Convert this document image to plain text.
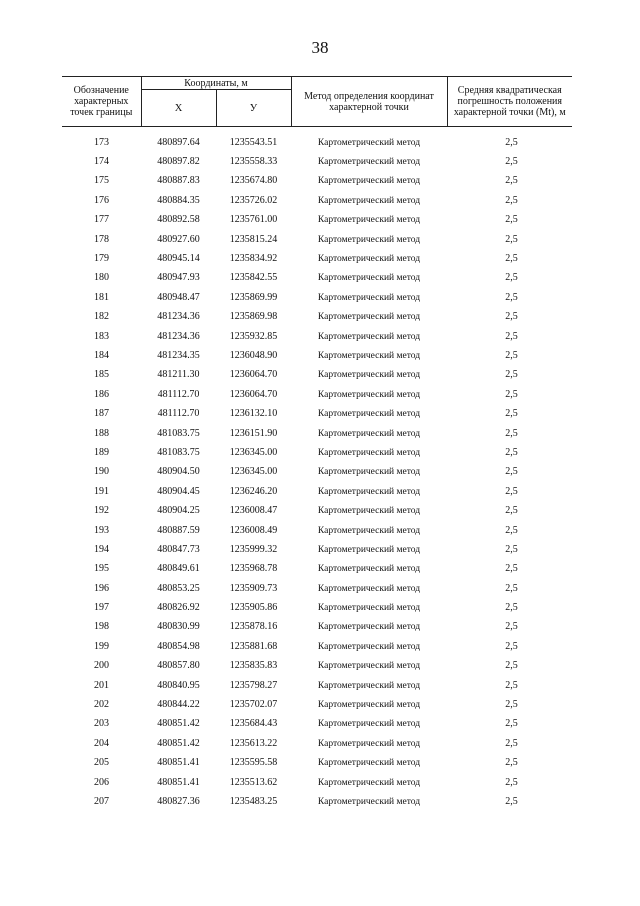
38
Обозначение характерных точек границы	Координаты, м		Метод определения координат характерной точки	Средняя квадратическая погрешность положения характерной точки (Mt), м
	X	У		

173	480897.64	1235543.51	Картометрический метод	2,5
174	480897.82	1235558.33	Картометрический метод	2,5
175	480887.83	1235674.80	Картометрический метод	2,5
176	480884.35	1235726.02	Картометрический метод	2,5
177	480892.58	1235761.00	Картометрический метод	2,5
178	480927.60	1235815.24	Картометрический метод	2,5
179	480945.14	1235834.92	Картометрический метод	2,5
180	480947.93	1235842.55	Картометрический метод	2,5
181	480948.47	1235869.99	Картометрический метод	2,5
182	481234.36	1235869.98	Картометрический метод	2,5
183	481234.36	1235932.85	Картометрический метод	2,5
184	481234.35	1236048.90	Картометрический метод	2,5
185	481211.30	1236064.70	Картометрический метод	2,5
186	481112.70	1236064.70	Картометрический метод	2,5
187	481112.70	1236132.10	Картометрический метод	2,5
188	481083.75	1236151.90	Картометрический метод	2,5
189	481083.75	1236345.00	Картометрический метод	2,5
190	480904.50	1236345.00	Картометрический метод	2,5
191	480904.45	1236246.20	Картометрический метод	2,5
192	480904.25	1236008.47	Картометрический метод	2,5
193	480887.59	1236008.49	Картометрический метод	2,5
194	480847.73	1235999.32	Картометрический метод	2,5
195	480849.61	1235968.78	Картометрический метод	2,5
196	480853.25	1235909.73	Картометрический метод	2,5
197	480826.92	1235905.86	Картометрический метод	2,5
198	480830.99	1235878.16	Картометрический метод	2,5
199	480854.98	1235881.68	Картометрический метод	2,5
200	480857.80	1235835.83	Картометрический метод	2,5
201	480840.95	1235798.27	Картометрический метод	2,5
202	480844.22	1235702.07	Картометрический метод	2,5
203	480851.42	1235684.43	Картометрический метод	2,5
204	480851.42	1235613.22	Картометрический метод	2,5
205	480851.41	1235595.58	Картометрический метод	2,5
206	480851.41	1235513.62	Картометрический метод	2,5
207	480827.36	1235483.25	Картометрический метод	2,5
